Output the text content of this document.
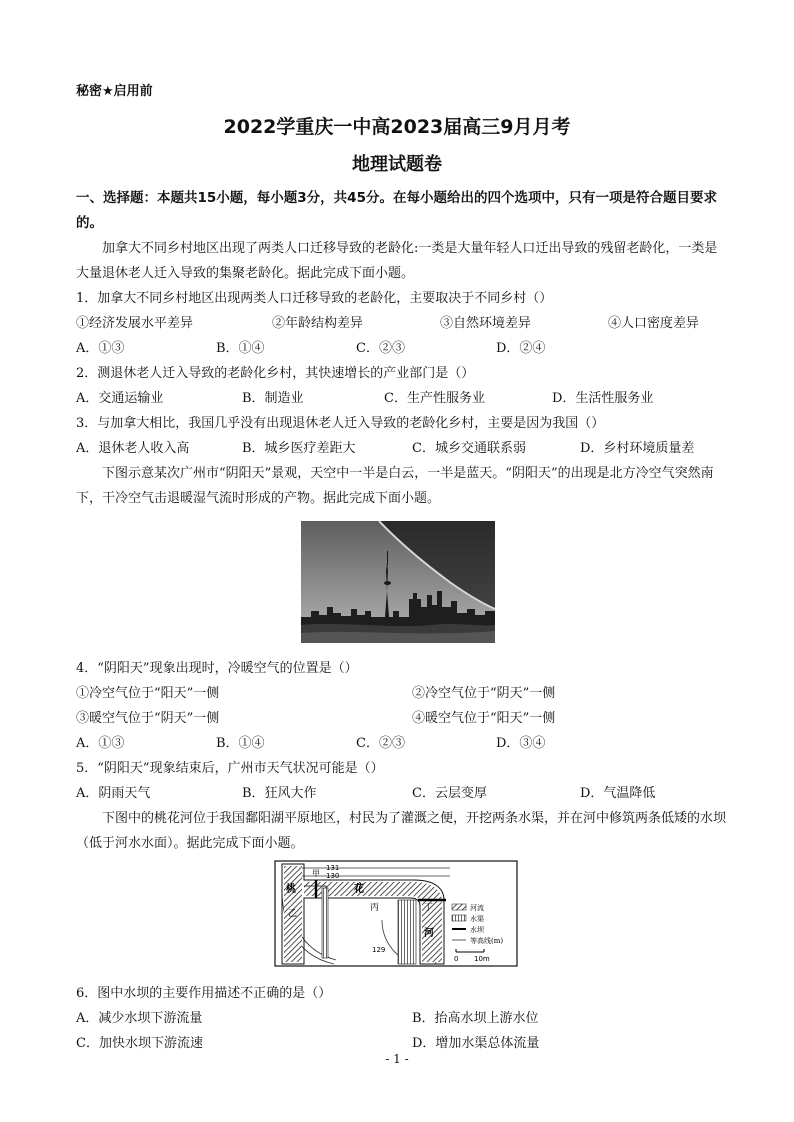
秘密★启用前
2022学重庆一中高2023届高三9月月考
地理试题卷
一、选择题：本题共15小题，每小题3分，共45分。在每小题给出的四个选项中，只有一项是符合题目要求的。
加拿大不同乡村地区出现了两类人口迁移导致的老龄化:一类是大量年轻人口迁出导致的残留老龄化，一类是大量退休老人迁入导致的集聚老龄化。据此完成下面小题。
1．加拿大不同乡村地区出现两类人口迁移导致的老龄化，主要取决于不同乡村（）
①经济发展水平差异	②年龄结构差异	③自然环境差异	④人口密度差异
A．①③	B．①④	C．②③	D．②④
2．测退休老人迁入导致的老龄化乡村，其快速增长的产业部门是（）
A．交通运输业	B．制造业	C．生产性服务业	D．生活性服务业
3．与加拿大相比，我国几乎没有出现退休老人迁入导致的老龄化乡村，主要是因为我国（）
A．退休老人收入高	B．城乡医疗差距大	C．城乡交通联系弱	D．乡村环境质量差
下图示意某次广州市“阴阳天”景观，天空中一半是白云，一半是蓝天。“阴阳天”的出现是北方冷空气突然南下，干冷空气击退暖湿气流时形成的产物。据此完成下面小题。
4．“阴阳天”现象出现时，冷暖空气的位置是（）
①冷空气位于“阳天”一侧	②冷空气位于“阴天”一侧
③暖空气位于“阴天”一侧	④暖空气位于“阳天”一侧
A．①③	B．①④	C．②③	D．③④
5．“阴阳天”现象结束后，广州市天气状况可能是（）
A．阴雨天气	B．狂风大作	C．云层变厚	D．气温降低
下图中的桃花河位于我国鄱阳湖平原地区，村民为了灌溉之便，开挖两条水渠，并在河中修筑两条低矮的水坝（低于河水水面）。据此完成下面小题。
131
130
129
桃	花
河
甲
乙
丙	丁	河流
水渠
水坝
等高线(m)
0 10m
6．图中水坝的主要作用描述不正确的是（）
A．减少水坝下游流量	B．抬高水坝上游水位
C．加快水坝下游流速	D．增加水渠总体流量
- 1 -
